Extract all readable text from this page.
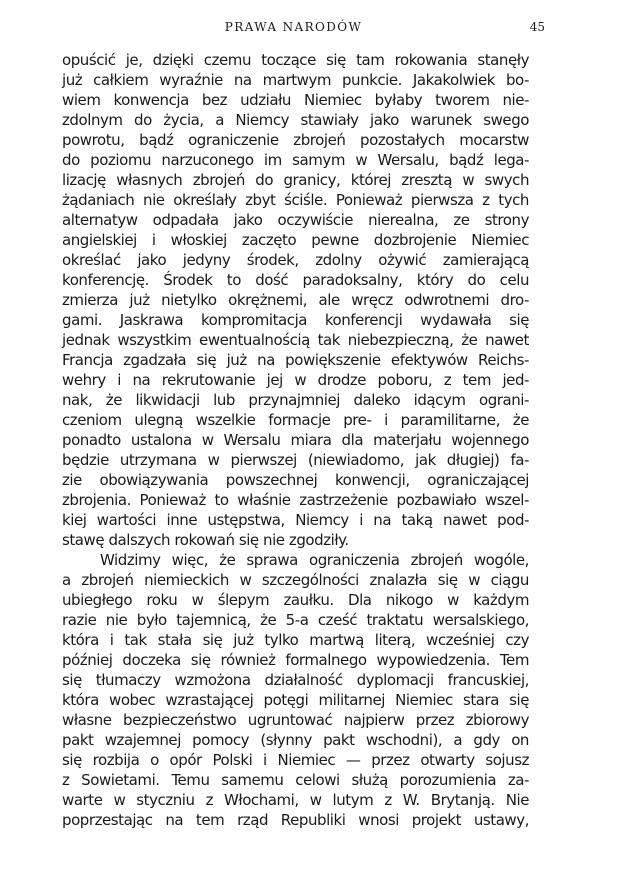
PRAWA NARODÓW	45
opuścić je, dzięki czemu toczące się tam rokowania stanęły
już całkiem wyraźnie na martwym punkcie. Jakakolwiek bo-
wiem konwencja bez udziału Niemiec byłaby tworem nie-
zdolnym do życia, a Niemcy stawiały jako warunek swego
powrotu, bądź ograniczenie zbrojeń pozostałych mocarstw
do poziomu narzuconego im samym w Wersalu, bądź lega-
lizację własnych zbrojeń do granicy, której zresztą w swych
żądaniach nie określały zbyt ściśle. Ponieważ pierwsza z tych
alternatyw odpadała jako oczywiście nierealna, ze strony
angielskiej i włoskiej zaczęto pewne dozbrojenie Niemiec
określać jako jedyny środek, zdolny ożywić zamierającą
konferencję. Środek to dość paradoksalny, który do celu
zmierza już nietylko okrężnemi, ale wręcz odwrotnemi dro-
gami. Jaskrawa kompromitacja konferencji wydawała się
jednak wszystkim ewentualnością tak niebezpieczną, że nawet
Francja zgadzała się już na powiększenie efektywów Reichs-
wehry i na rekrutowanie jej w drodze poboru, z tem jed-
nak, że likwidacji lub przynajmniej daleko idącym ograni-
czeniom ulegną wszelkie formacje pre- i paramilitarne, że
ponadto ustalona w Wersalu miara dla materjału wojennego
będzie utrzymana w pierwszej (niewiadomo, jak długiej) fa-
zie obowiązywania powszechnej konwencji, ograniczającej
zbrojenia. Ponieważ to właśnie zastrzeżenie pozbawiało wszel-
kiej wartości inne ustępstwa, Niemcy i na taką nawet pod-
stawę dalszych rokowań się nie zgodziły.
Widzimy więc, że sprawa ograniczenia zbrojeń wogóle,
a zbrojeń niemieckich w szczególności znalazła się w ciągu
ubiegłego roku w ślepym zaułku. Dla nikogo w każdym
razie nie było tajemnicą, że 5-a cześć traktatu wersalskiego,
która i tak stała się już tylko martwą literą, wcześniej czy
później doczeka się również formalnego wypowiedzenia. Tem
się tłumaczy wzmożona działalność dyplomacji francuskiej,
która wobec wzrastającej potęgi militarnej Niemiec stara się
własne bezpieczeństwo ugruntować najpierw przez zbiorowy
pakt wzajemnej pomocy (słynny pakt wschodni), a gdy on
się rozbija o opór Polski i Niemiec — przez otwarty sojusz
z Sowietami. Temu samemu celowi służą porozumienia za-
warte w styczniu z Włochami, w lutym z W. Brytanją. Nie
poprzestając na tem rząd Republiki wnosi projekt ustawy,
